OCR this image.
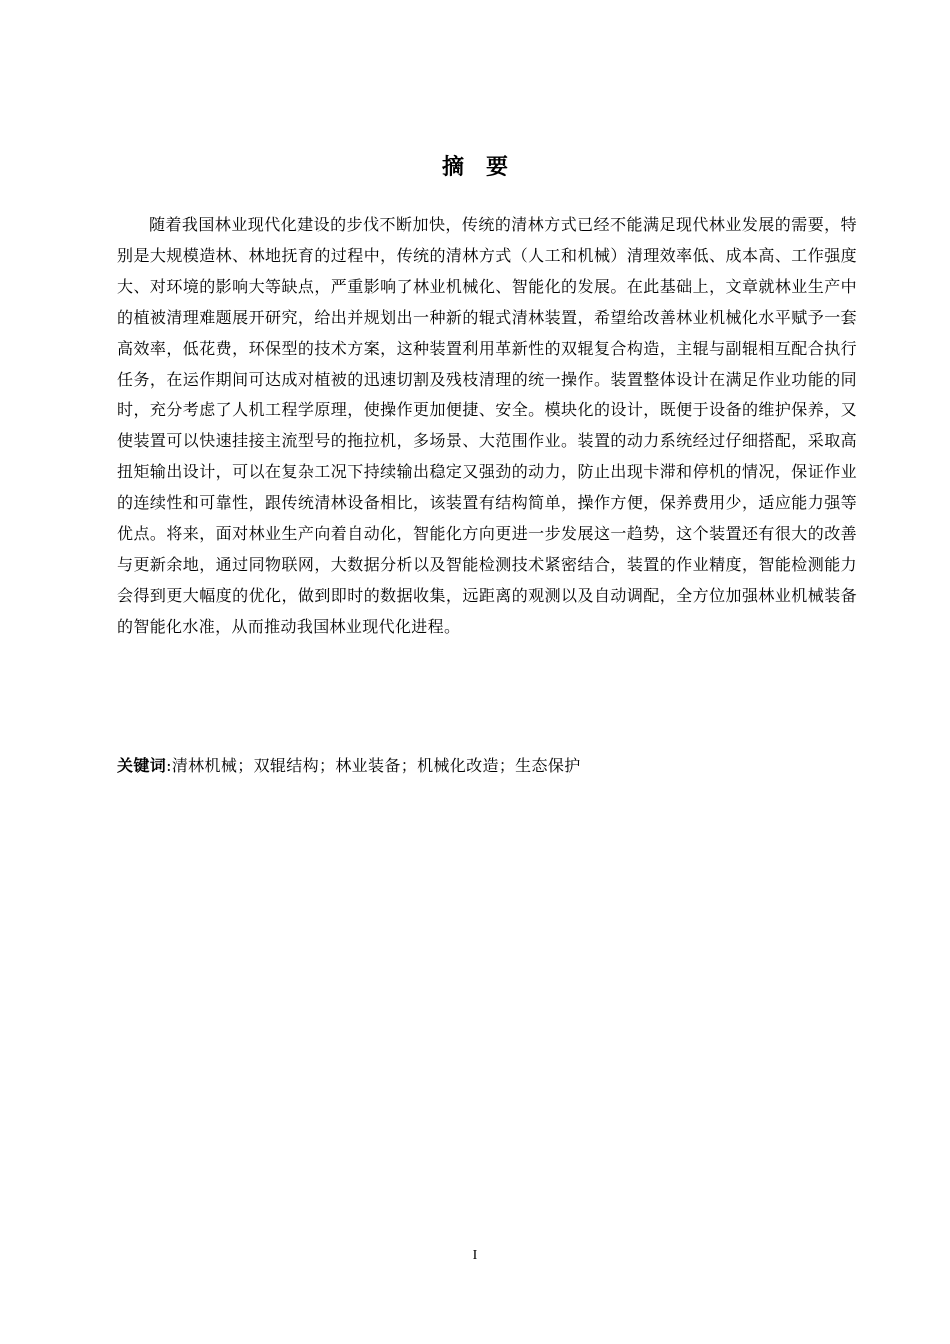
摘要

随着我国林业现代化建设的步伐不断加快，传统的清林方式已经不能满足现代林业发展的需要，特别是大规模造林、林地抚育的过程中，传统的清林方式（人工和机械）清理效率低、成本高、工作强度大、对环境的影响大等缺点，严重影响了林业机械化、智能化的发展。在此基础上，文章就林业生产中的植被清理难题展开研究，给出并规划出一种新的辊式清林装置，希望给改善林业机械化水平赋予一套高效率，低花费，环保型的技术方案，这种装置利用革新性的双辊复合构造，主辊与副辊相互配合执行任务，在运作期间可达成对植被的迅速切割及残枝清理的统一操作。装置整体设计在满足作业功能的同时，充分考虑了人机工程学原理，使操作更加便捷、安全。模块化的设计，既便于设备的维护保养，又使装置可以快速挂接主流型号的拖拉机，多场景、大范围作业。装置的动力系统经过仔细搭配，采取高扭矩输出设计，可以在复杂工况下持续输出稳定又强劲的动力，防止出现卡滞和停机的情况，保证作业的连续性和可靠性，跟传统清林设备相比，该装置有结构简单，操作方便，保养费用少，适应能力强等优点。将来，面对林业生产向着自动化，智能化方向更进一步发展这一趋势，这个装置还有很大的改善与更新余地，通过同物联网，大数据分析以及智能检测技术紧密结合，装置的作业精度，智能检测能力会得到更大幅度的优化，做到即时的数据收集，远距离的观测以及自动调配，全方位加强林业机械装备的智能化水准，从而推动我国林业现代化进程。

关键词:清林机械；双辊结构；林业装备；机械化改造；生态保护
I
